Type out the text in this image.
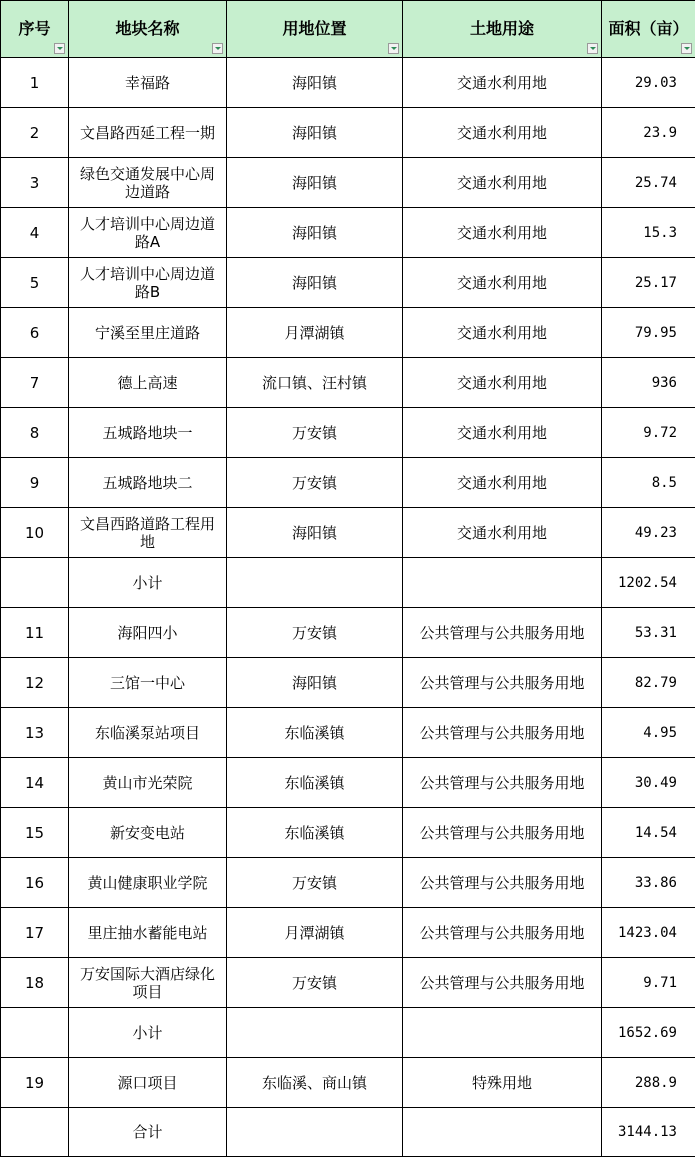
序号	地块名称	用地位置	土地用途	面积（亩）

1	幸福路	海阳镇	交通水利用地	29.03
2	文昌路西延工程一期	海阳镇	交通水利用地	23.9
3	绿色交通发展中心周边道路	海阳镇	交通水利用地	25.74
4	人才培训中心周边道路A	海阳镇	交通水利用地	15.3
5	人才培训中心周边道路B	海阳镇	交通水利用地	25.17
6	宁溪至里庄道路	月潭湖镇	交通水利用地	79.95
7	德上高速	流口镇、汪村镇	交通水利用地	936
8	五城路地块一	万安镇	交通水利用地	9.72
9	五城路地块二	万安镇	交通水利用地	8.5
10	文昌西路道路工程用地	海阳镇	交通水利用地	49.23
	小计			1202.54
11	海阳四小	万安镇	公共管理与公共服务用地	53.31
12	三馆一中心	海阳镇	公共管理与公共服务用地	82.79
13	东临溪泵站项目	东临溪镇	公共管理与公共服务用地	4.95
14	黄山市光荣院	东临溪镇	公共管理与公共服务用地	30.49
15	新安变电站	东临溪镇	公共管理与公共服务用地	14.54
16	黄山健康职业学院	万安镇	公共管理与公共服务用地	33.86
17	里庄抽水蓄能电站	月潭湖镇	公共管理与公共服务用地	1423.04
18	万安国际大酒店绿化项目	万安镇	公共管理与公共服务用地	9.71
	小计			1652.69
19	源口项目	东临溪、商山镇	特殊用地	288.9
	合计			3144.13
